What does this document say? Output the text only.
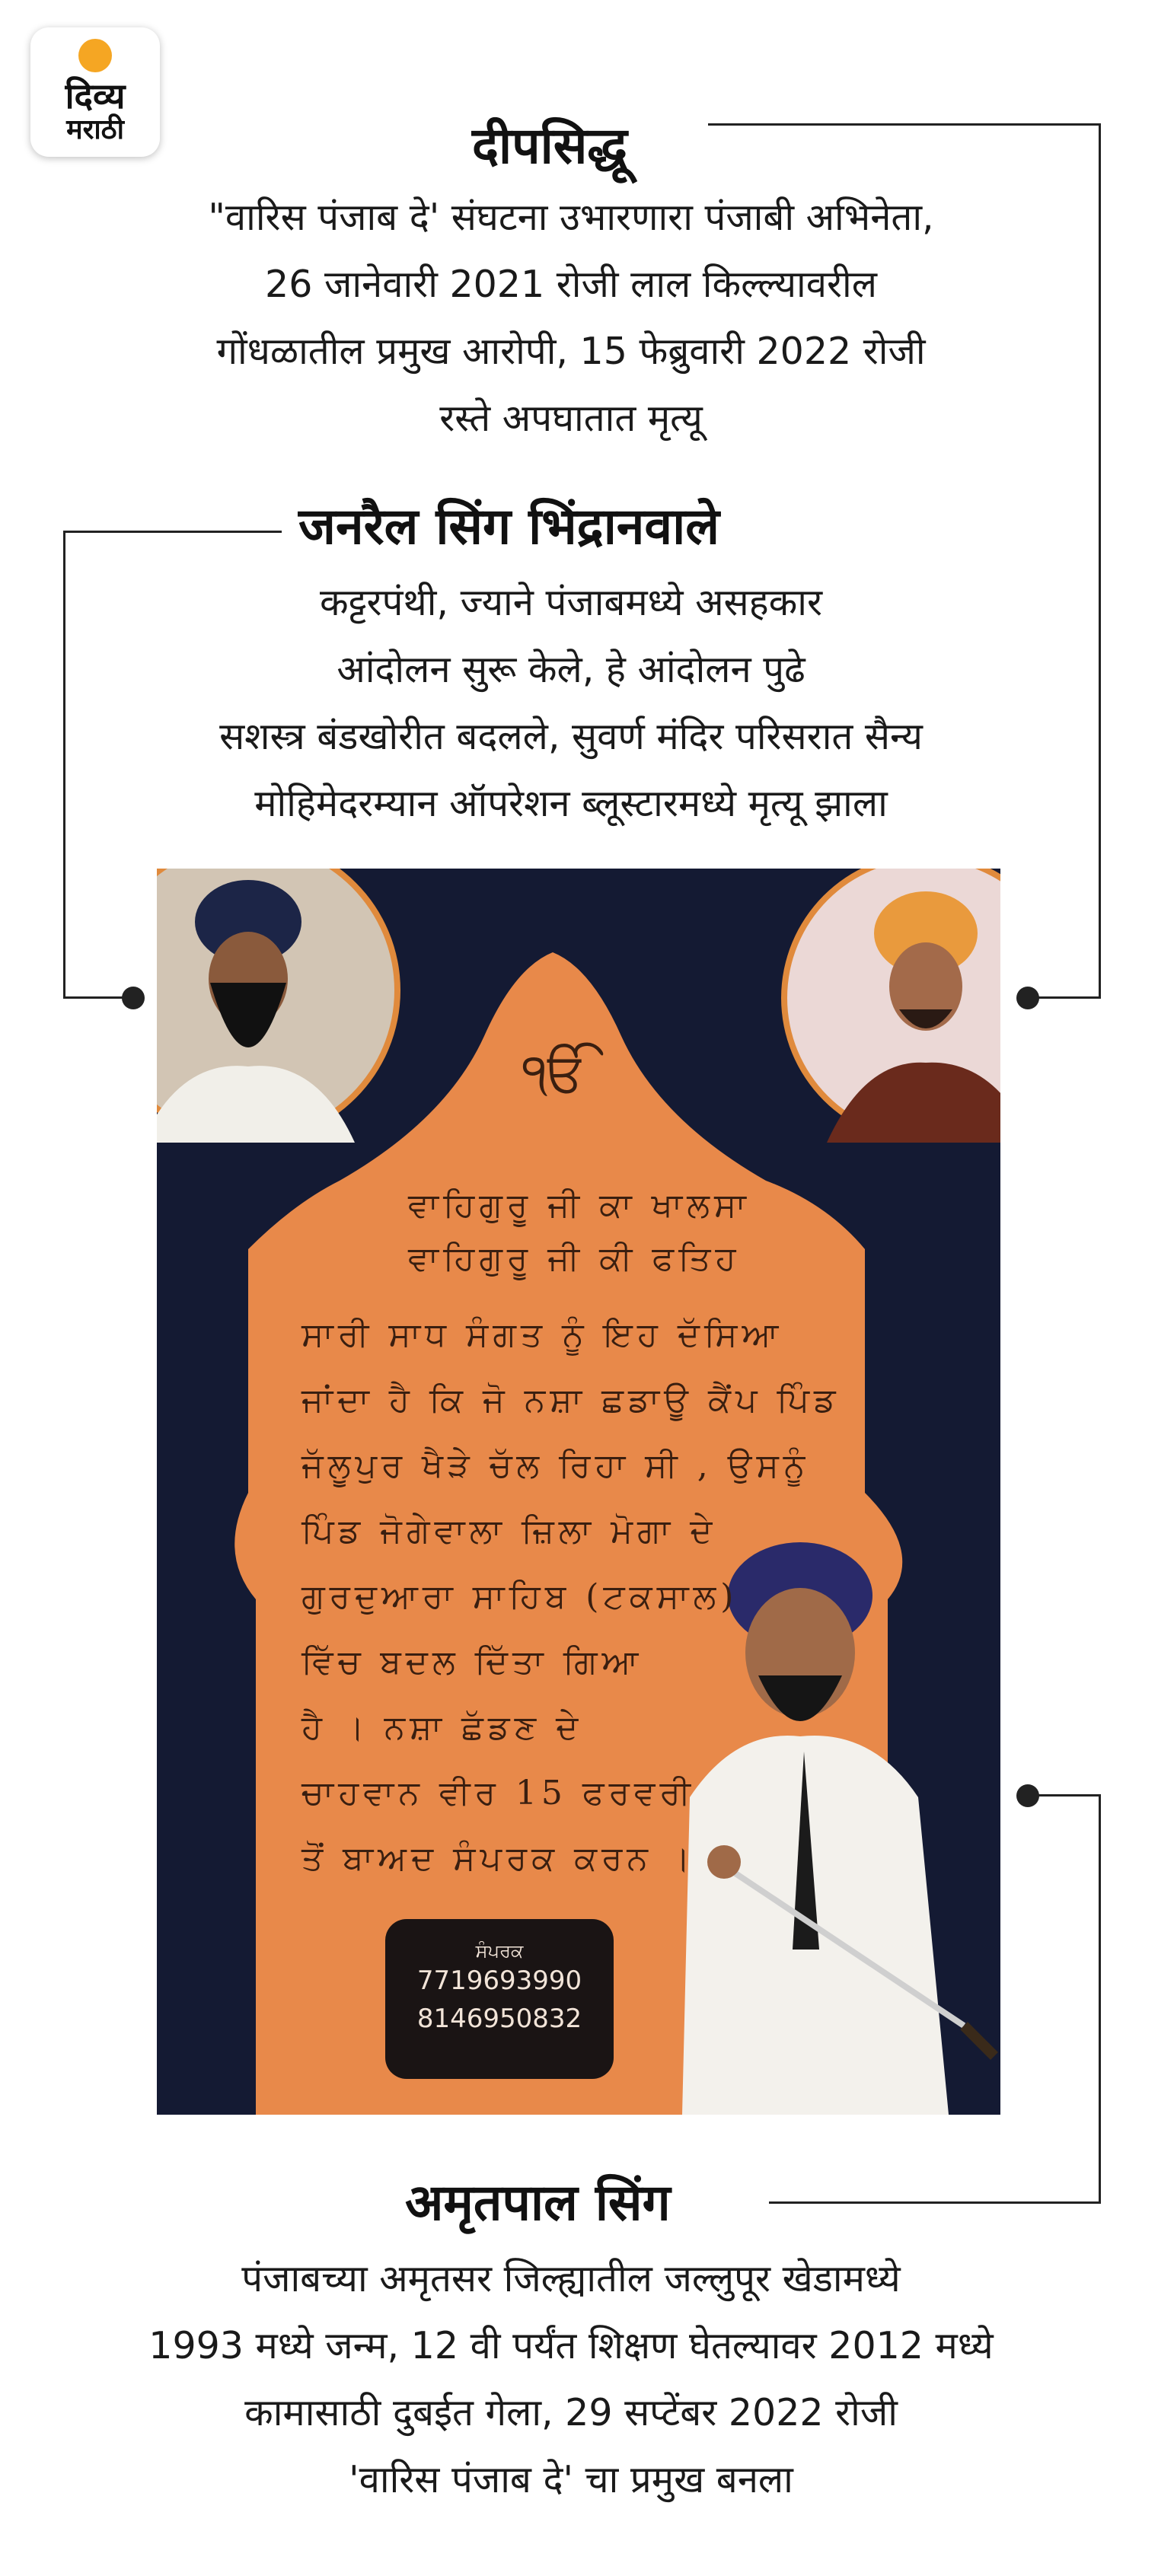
दिव्य
मराठी	दीपसिद्धू
"वारिस पंजाब दे' संघटना उभारणारा पंजाबी अभिनेता,
26 जानेवारी 2021 रोजी लाल किल्ल्यावरील
गोंधळातील प्रमुख आरोपी, 15 फेब्रुवारी 2022 रोजी
रस्ते अपघातात मृत्यू
जनरैल सिंग भिंद्रानवाले
कट्टरपंथी, ज्याने पंजाबमध्ये असहकार
आंदोलन सुरू केले, हे आंदोलन पुढे
सशस्त्र बंडखोरीत बदलले, सुवर्ण मंदिर परिसरात सैन्य
मोहिमेदरम्यान ऑपरेशन ब्लूस्टारमध्ये मृत्यू झाला
ੴ
ਵਾਹਿਗੁਰੂ ਜੀ ਕਾ ਖਾਲਸਾ
ਵਾਹਿਗੁਰੂ ਜੀ ਕੀ ਫਤਿਹ
ਸਾਰੀ ਸਾਧ ਸੰਗਤ ਨੂੰ ਇਹ ਦੱਸਿਆ
ਜਾਂਦਾ ਹੈ ਕਿ ਜੋ ਨਸ਼ਾ ਛਡਾਊ ਕੈਂਪ ਪਿੰਡ
ਜੱਲੂਪੁਰ ਖੈੜੇ ਚੱਲ ਰਿਹਾ ਸੀ , ਉਸਨੂੰ
ਪਿੰਡ ਜੋਗੇਵਾਲਾ ਜ਼ਿਲਾ ਮੋਗਾ ਦੇ
ਗੁਰਦੁਆਰਾ ਸਾਹਿਬ (ਟਕਸਾਲ)
ਵਿੱਚ ਬਦਲ ਦਿੱਤਾ ਗਿਆ
ਹੈ । ਨਸ਼ਾ ਛੱਡਣ ਦੇ
ਚਾਹਵਾਨ ਵੀਰ 15 ਫਰਵਰੀ
ਤੋਂ ਬਾਅਦ ਸੰਪਰਕ ਕਰਨ ।
ਸੰਪਰਕ
7719693990
8146950832
अमृतपाल सिंग
पंजाबच्या अमृतसर जिल्ह्यातील जल्लुपूर खेडामध्ये
1993 मध्ये जन्म, 12 वी पर्यंत शिक्षण घेतल्यावर 2012 मध्ये
कामासाठी दुबईत गेला, 29 सप्टेंबर 2022 रोजी
'वारिस पंजाब दे' चा प्रमुख बनला
